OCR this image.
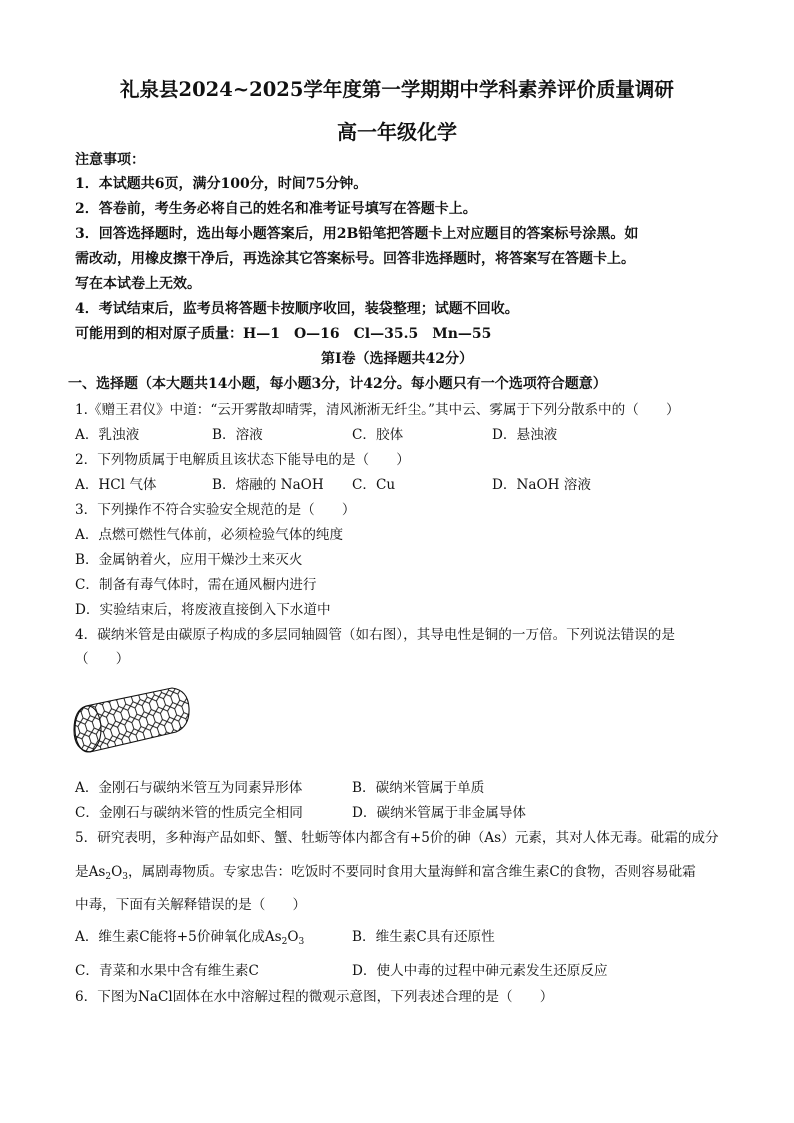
礼泉县2024~2025学年度第一学期期中学科素养评价质量调研
高一年级化学
注意事项：
1．本试题共6页，满分100分，时间75分钟。
2．答卷前，考生务必将自己的姓名和准考证号填写在答题卡上。
3．回答选择题时，选出每小题答案后，用2B铅笔把答题卡上对应题目的答案标号涂黑。如
需改动，用橡皮擦干净后，再选涂其它答案标号。回答非选择题时，将答案写在答题卡上。
写在本试卷上无效。
4．考试结束后，监考员将答题卡按顺序收回，装袋整理；试题不回收。
可能用到的相对原子质量：H—1　O—16　Cl—35.5　Mn—55
第Ⅰ卷（选择题共42分）
一、选择题（本大题共14小题，每小题3分，计42分。每小题只有一个选项符合题意）
1.《赠王君仪》中道：“云开雾散却晴霁，清风淅淅无纤尘。”其中云、雾属于下列分散系中的（　　）
A．乳浊液	B．溶液	C．胶体	D．悬浊液
2．下列物质属于电解质且该状态下能导电的是（　　）
A．HCl 气体	B．熔融的 NaOH C．Cu	D．NaOH 溶液
3．下列操作不符合实验安全规范的是（　　）
A．点燃可燃性气体前，必须检验气体的纯度
B．金属钠着火，应用干燥沙土来灭火
C．制备有毒气体时，需在通风橱内进行
D．实验结束后，将废液直接倒入下水道中
4．碳纳米管是由碳原子构成的多层同轴圆管（如右图），其导电性是铜的一万倍。下列说法错误的是
（　　）
A．金刚石与碳纳米管互为同素异形体	B．碳纳米管属于单质
C．金刚石与碳纳米管的性质完全相同	D．碳纳米管属于非金属导体
5．研究表明，多种海产品如虾、蟹、牡蛎等体内都含有+5价的砷（As）元素，其对人体无毒。砒霜的成分
是$As_2O_3$，属剧毒物质。专家忠告：吃饭时不要同时食用大量海鲜和富含维生素C的食物，否则容易砒霜
中毒，下面有关解释错误的是（　　）
A．维生素C能将+5价砷氧化成$As_2O_3$	B．维生素C具有还原性
C．青菜和水果中含有维生素C	D．使人中毒的过程中砷元素发生还原反应
6．下图为NaCl固体在水中溶解过程的微观示意图，下列表述合理的是（　　）
